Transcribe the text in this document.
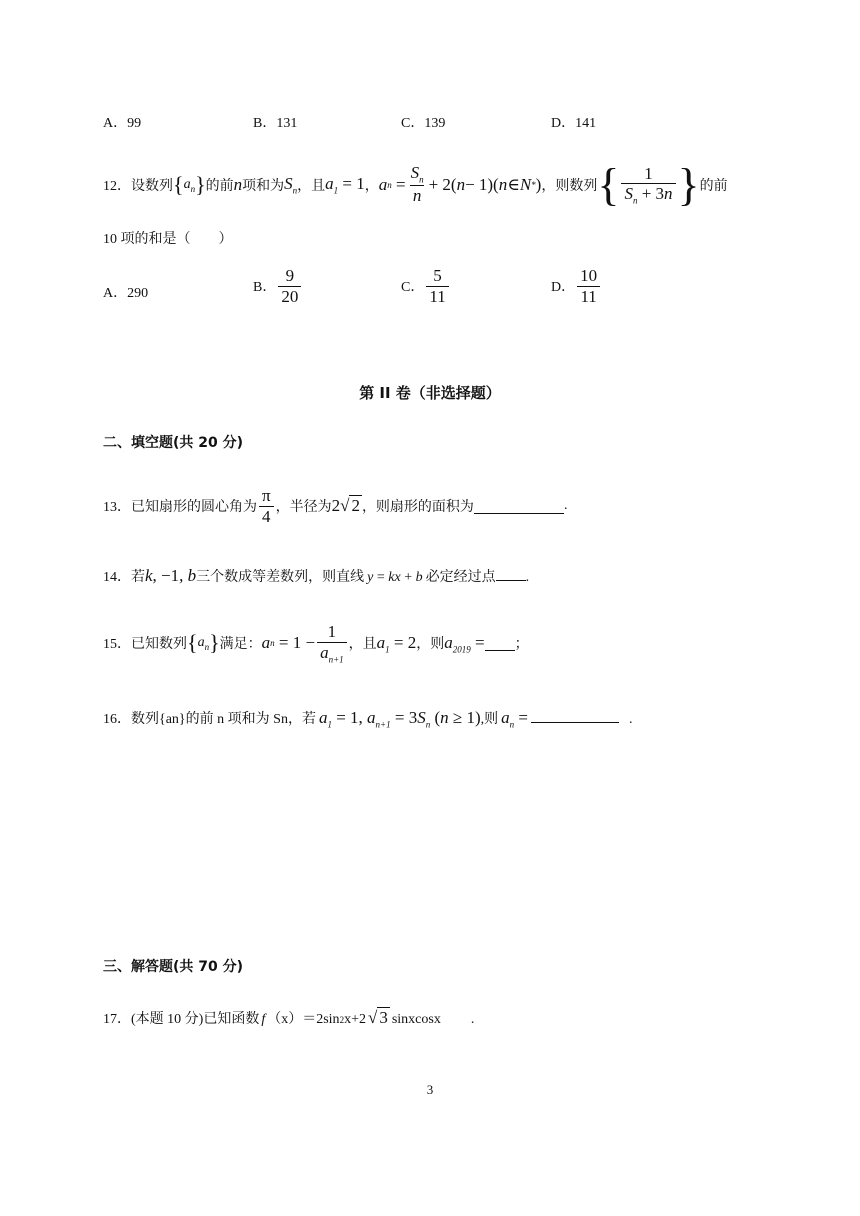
A．99	B．131	C．139	D．141
12． 设数列 $\{a_n\}$ 的前 n 项和为 $S_n$ ，且 $a_1 = 1$ ， a n
= $\frac{S_n}{n} + 2$( n − 1)( n ∈ N * ) ，则数列 { $\frac{1}{S_n + 3n}$ } 的前
10 项的和是（　　）
A．290	B． $\frac{9}{20}$	C． $\frac{5}{11}$	D． $\frac{10}{11}$
第 II 卷（非选择题）
二、填空题(共 20 分)
13．已知扇形的圆心角为 $\frac{\pi}{4}$ ，半径为 2√ 2 ，则扇形的面积为	.
14．若 k, −1, b 三个数成等差数列，则直线 y = kx + b 必定经过点 .
15．已知数列 $\{a_n\}$ 满足： a n
= $1 - \frac{1}{a_{n+1}}$ ，且 $a_1 = 2$ ，则 $a_{2019}$ = ；
16．数列{an}的前 n 项和为 Sn，若 $a_1 = 1$, $a_{n+1} = 3S_n$ (n ≥ 1) ,则 $a_n$ =	.
三、解答题(共 70 分)
17．(本题 10 分)已知函数 f （x）＝2sin 2 x+2 √ 3 sinxcosx .
3
